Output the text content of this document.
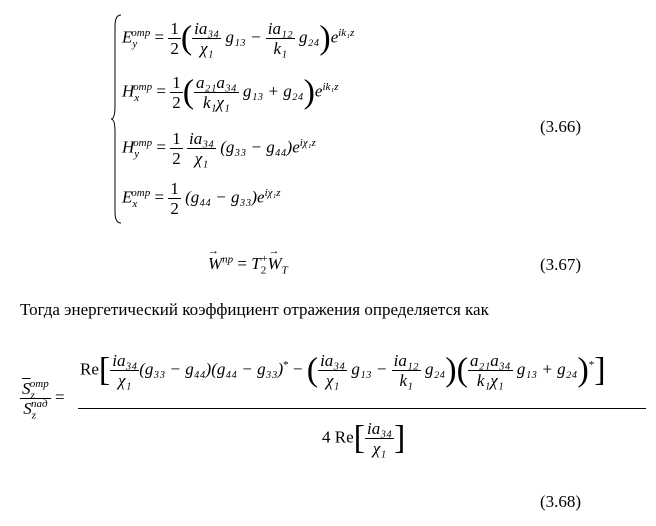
$E_y^{отр} = \frac{1}{2}$ ( $\frac{\text{ia₃₄}}{\text{χ₁}} g_{13} - \frac{\text{ia₁₂}}{\text{k₁}} g_{24})e^{ik_1z}$
$H_x^{отр} = \frac{1}{2}$ ( $\frac{\text{a₂₁a₃₄}}{\text{k₁χ₁}} g_{13} + g_{24})e^{ik_1z}$
$H_y^{отр} = \frac{1}{2}$
$\frac{\text{ia₃₄}}{\text{χ₁}} (g_{33} - g_{44})e^{i\chi_1z}$
$E_x^{отр} = \frac{1}{2} (g_{44} - g_{33})e^{i\chi_1z}$
(3.66)
→
$W^{пр} = T_2^+$
→
$W_T$	(3.67)
Тогда энергетический коэффициент отражения определяется как
$\frac{\overline{S}_z^{отр}}{\overline{S}_z^{пад}}$ =
$Re[ \frac{\text{ia₃₄}}{\text{χ₁}} (g_{33} - g_{44})(g_{44} - g_{33})^*$ − ( $\frac{\text{ia₃₄}}{\text{χ₁}} g_{13} - \frac{\text{ia₁₂}}{\text{k₁}} g_{24})( \frac{\text{a₂₁a₃₄}}{\text{k₁χ₁}} g_{13} + g_{24})^*$]
4 $Re[ \frac{\text{ia₃₄}}{\text{χ₁}}$ ]
(3.68)
